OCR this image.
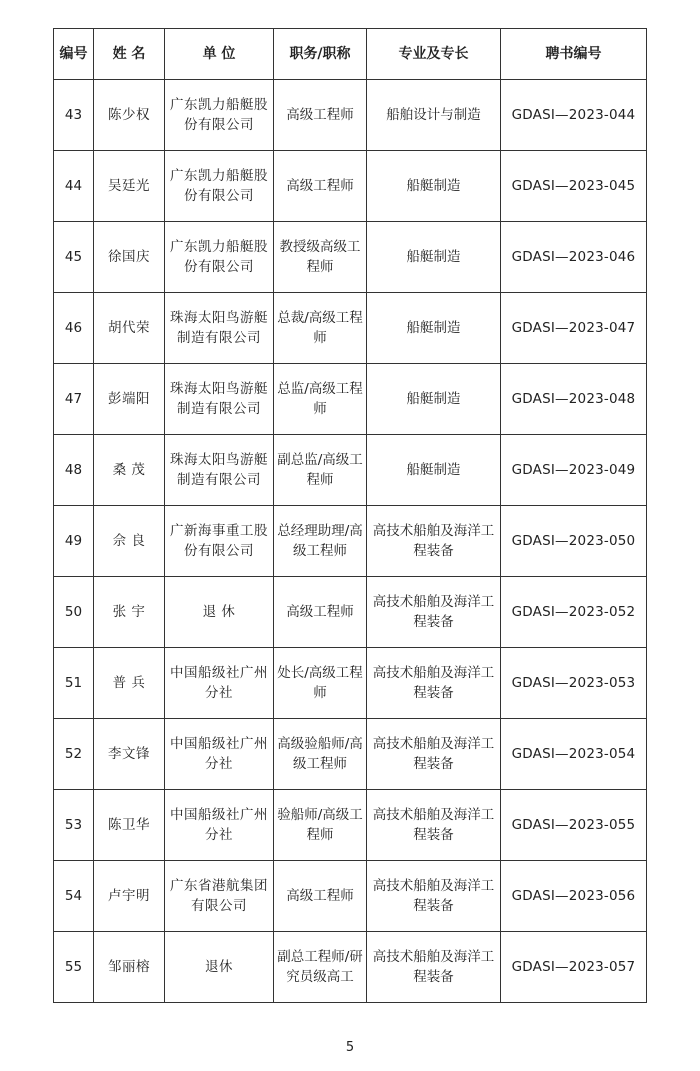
编号	姓 名	单 位	职务/职称	专业及专长	聘书编号
43	陈少权	广东凯力船艇股份有限公司	高级工程师	船舶设计与制造	GDASI—2023-044
44	吴廷光	广东凯力船艇股份有限公司	高级工程师	船艇制造	GDASI—2023-045
45	徐国庆	广东凯力船艇股份有限公司	教授级高级工程师	船艇制造	GDASI—2023-046
46	胡代荣	珠海太阳鸟游艇制造有限公司	总裁/高级工程师	船艇制造	GDASI—2023-047
47	彭端阳	珠海太阳鸟游艇制造有限公司	总监/高级工程师	船艇制造	GDASI—2023-048
48	桑 茂	珠海太阳鸟游艇制造有限公司	副总监/高级工程师	船艇制造	GDASI—2023-049
49	佘 良	广新海事重工股份有限公司	总经理助理/高级工程师	高技术船舶及海洋工程装备	GDASI—2023-050
50	张 宇	退 休	高级工程师	高技术船舶及海洋工程装备	GDASI—2023-052
51	普 兵	中国船级社广州分社	处长/高级工程师	高技术船舶及海洋工程装备	GDASI—2023-053
52	李文锋	中国船级社广州分社	高级验船师/高级工程师	高技术船舶及海洋工程装备	GDASI—2023-054
53	陈卫华	中国船级社广州分社	验船师/高级工程师	高技术船舶及海洋工程装备	GDASI—2023-055
54	卢宇明	广东省港航集团有限公司	高级工程师	高技术船舶及海洋工程装备	GDASI—2023-056
55	邹丽榕	退休	副总工程师/研究员级高工	高技术船舶及海洋工程装备	GDASI—2023-057
5
